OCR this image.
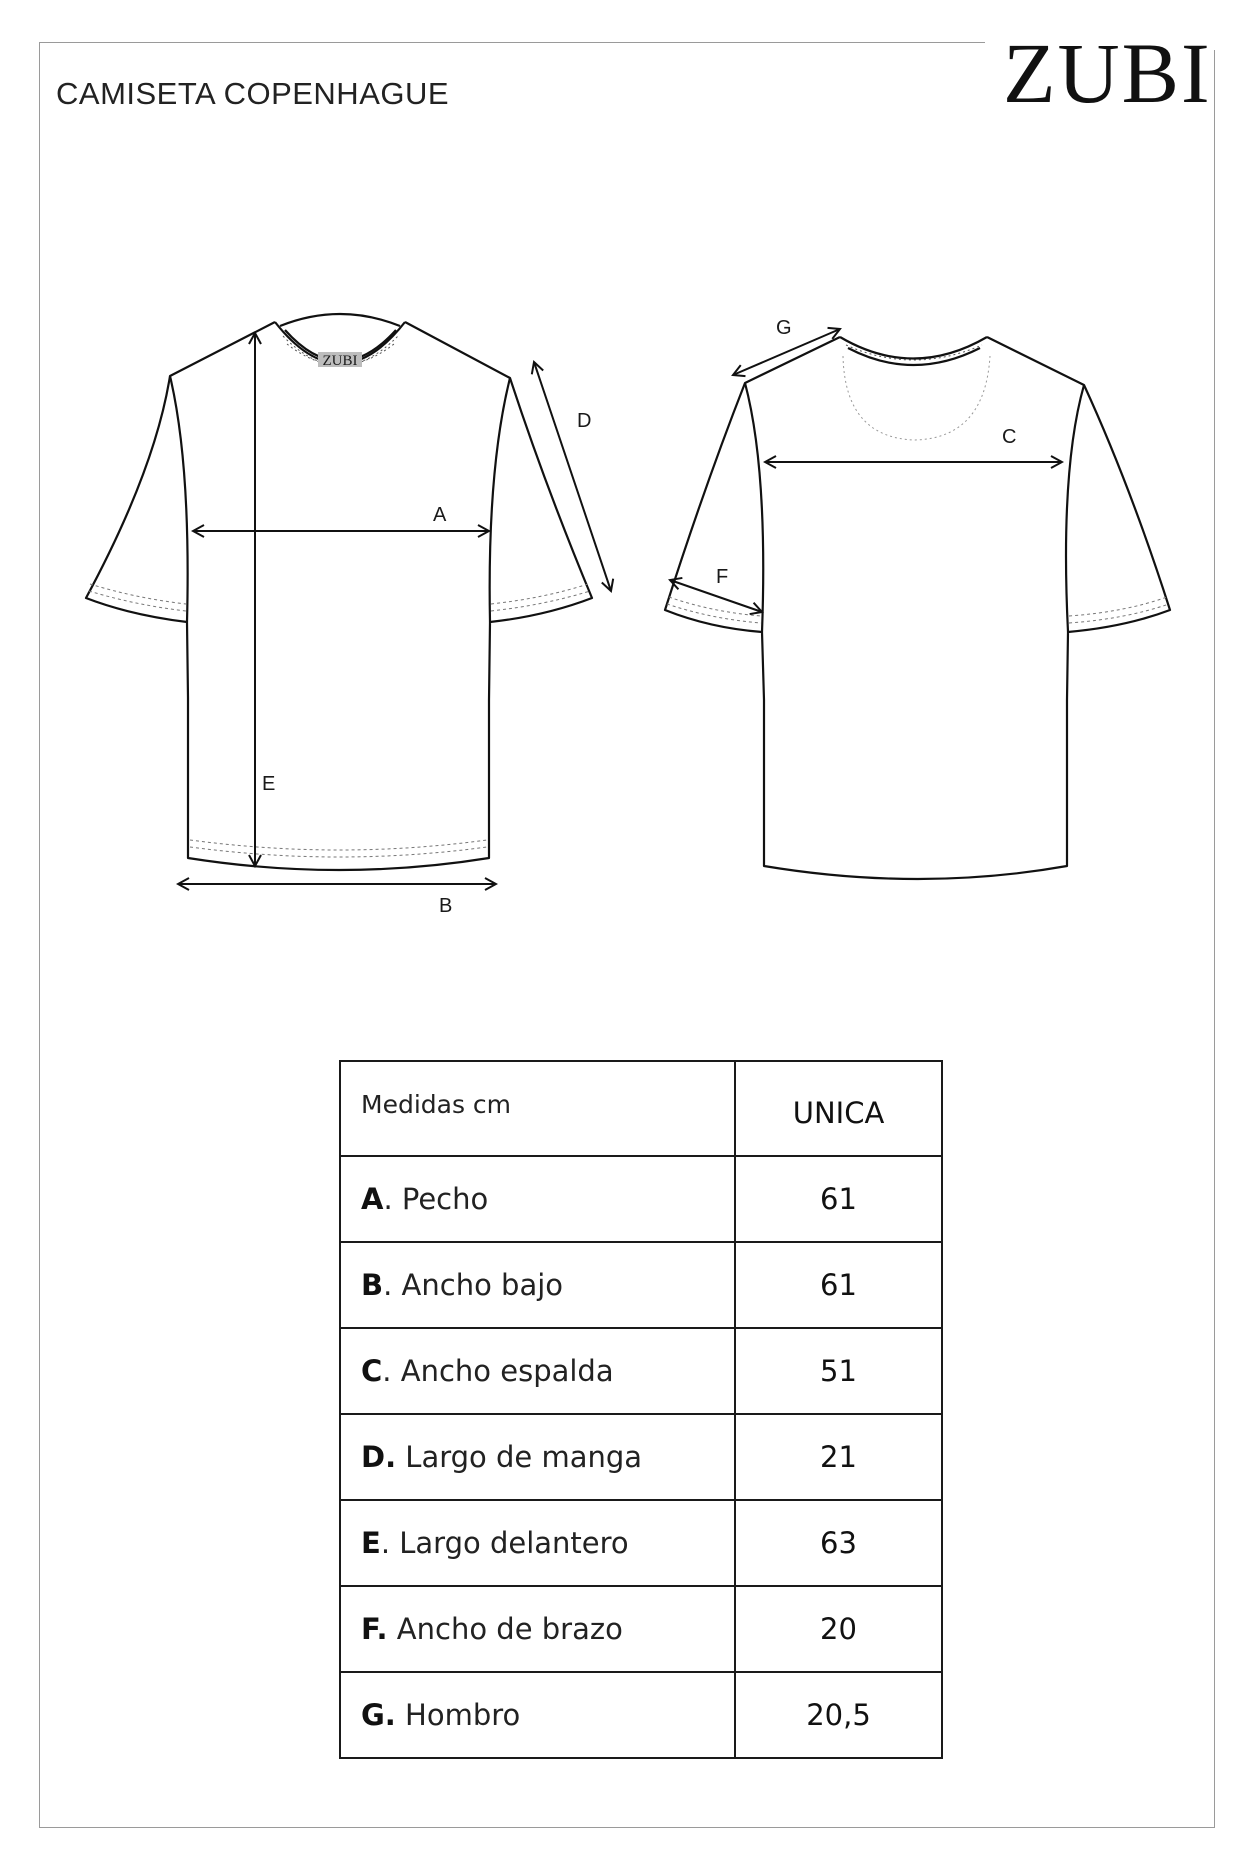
CAMISETA COPENHAGUE	ZUBI
ZUBI
A
E
B
D
C
G
F
Medidas cm	UNICA
A. Pecho	61
B. Ancho bajo	61
C. Ancho espalda	51
D. Largo de manga	21
E. Largo delantero	63
F. Ancho de brazo	20
G. Hombro	20,5
